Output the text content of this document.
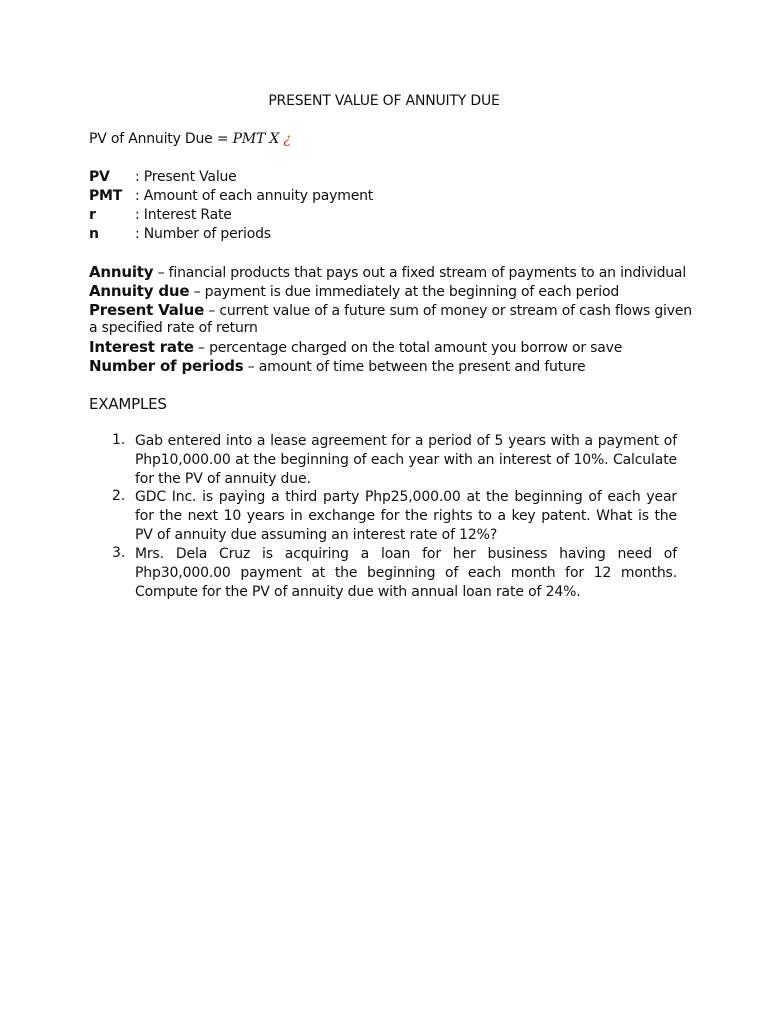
PRESENT VALUE OF ANNUITY DUE
PV of Annuity Due = PMT X ¿
PV : Present Value
PMT : Amount of each annuity payment
r	: Interest Rate
n	: Number of periods
Annuity – financial products that pays out a fixed stream of payments to an individual
Annuity due – payment is due immediately at the beginning of each period
Present Value – current value of a future sum of money or stream of cash flows given
a specified rate of return
Interest rate – percentage charged on the total amount you borrow or save
Number of periods – amount of time between the present and future
EXAMPLES
1. Gab entered into a lease agreement for a period of 5 years with a payment of Php10,000.00 at the beginning of each year with an interest of 10%. Calculate for the PV of annuity due.
2. GDC Inc. is paying a third party Php25,000.00 at the beginning of each year for the next 10 years in exchange for the rights to a key patent. What is the PV of annuity due assuming an interest rate of 12%?
3. Mrs. Dela Cruz is acquiring a loan for her business having need of Php30,000.00 payment at the beginning of each month for 12 months. Compute for the PV of annuity due with annual loan rate of 24%.
